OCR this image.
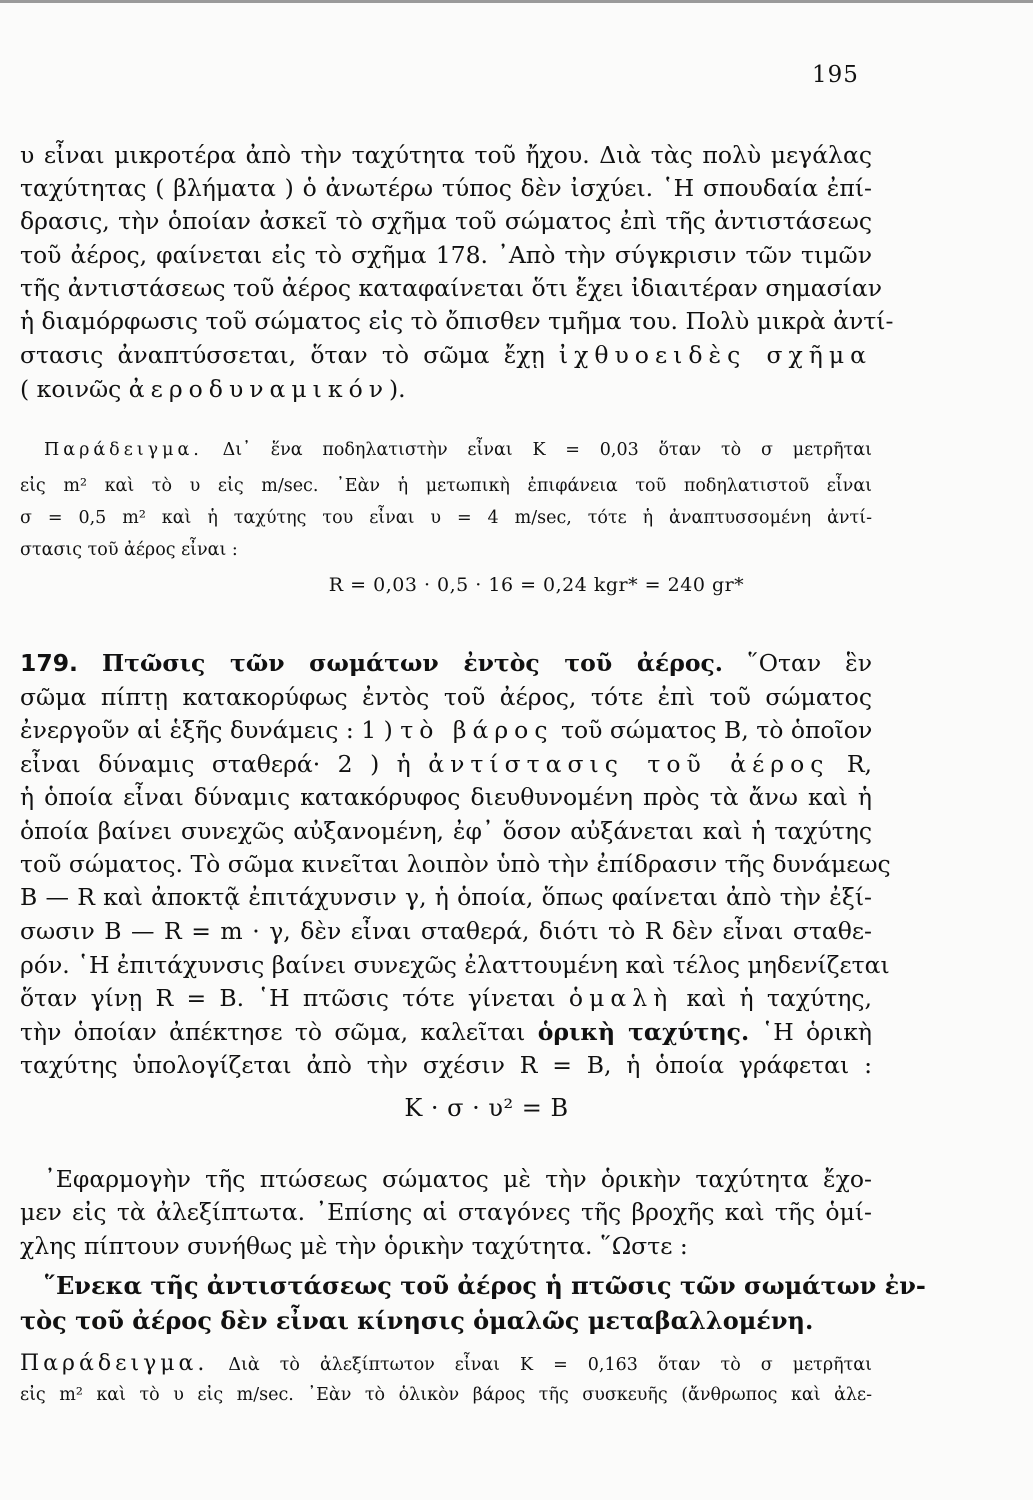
195
υ εἶναι μικροτέρα ἀπὸ τὴν ταχύτητα τοῦ ἤχου. Διὰ τὰς πολὺ μεγάλας
ταχύτητας ( βλήματα ) ὁ ἀνωτέρω τύπος δὲν ἰσχύει. ῾Η σπουδαία ἐπί-
δρασις, τὴν ὁποίαν ἀσκεῖ τὸ σχῆμα τοῦ σώματος ἐπὶ τῆς ἀντιστάσεως
τοῦ ἀέρος, φαίνεται εἰς τὸ σχῆμα 178. ᾿Απὸ τὴν σύγκρισιν τῶν τιμῶν
τῆς ἀντιστάσεως τοῦ ἀέρος καταφαίνεται ὅτι ἔχει ἰδιαιτέραν σημασίαν
ἡ διαμόρφωσις τοῦ σώματος εἰς τὸ ὄπισθεν τμῆμα του. Πολὺ μικρὰ ἀντί-
στασις ἀναπτύσσεται, ὅταν τὸ σῶμα ἔχῃ ἰχθυοειδὲς σχῆμα
( κοινῶς ἀεροδυναμικόν).
Παράδειγμα. Δι᾿ ἕνα ποδηλατιστὴν εἶναι K = 0,03 ὅταν τὸ σ μετρῆται
εἰς m² καὶ τὸ υ εἰς m/sec. ᾿Εὰν ἡ μετωπικὴ ἐπιφάνεια τοῦ ποδηλατιστοῦ εἶναι
σ = 0,5 m² καὶ ἡ ταχύτης του εἶναι υ = 4 m/sec, τότε ἡ ἀναπτυσσομένη ἀντί-
στασις τοῦ ἀέρος εἶναι :
R = 0,03 · 0,5 · 16 = 0,24 kgr* = 240 gr*
179. Πτῶσις τῶν σωμάτων ἐντὸς τοῦ ἀέρος. ῞Οταν ἓν
σῶμα πίπτῃ κατακορύφως ἐντὸς τοῦ ἀέρος, τότε ἐπὶ τοῦ σώματος
ἐνεργοῦν αἱ ἑξῆς δυνάμεις : 1 ) τὸ βάρος τοῦ σώματος B, τὸ ὁποῖον
εἶναι δύναμις σταθερά· 2 ) ἡ ἀντίστασις τοῦ ἀέρος R,
ἡ ὁποία εἶναι δύναμις κατακόρυφος διευθυνομένη πρὸς τὰ ἄνω καὶ ἡ
ὁποία βαίνει συνεχῶς αὐξανομένη, ἐφ᾿ ὅσον αὐξάνεται καὶ ἡ ταχύτης
τοῦ σώματος. Τὸ σῶμα κινεῖται λοιπὸν ὑπὸ τὴν ἐπίδρασιν τῆς δυνάμεως
B — R καὶ ἀποκτᾷ ἐπιτάχυνσιν γ, ἡ ὁποία, ὅπως φαίνεται ἀπὸ τὴν ἐξί-
σωσιν B — R = m · γ, δὲν εἶναι σταθερά, διότι τὸ R δὲν εἶναι σταθε-
ρόν. ῾Η ἐπιτάχυνσις βαίνει συνεχῶς ἐλαττουμένη καὶ τέλος μηδενίζεται
ὅταν γίνῃ R = B. ῾Η πτῶσις τότε γίνεται ὁμαλὴ καὶ ἡ ταχύτης,
τὴν ὁποίαν ἀπέκτησε τὸ σῶμα, καλεῖται ὁρικὴ ταχύτης. ῾Η ὁρικὴ
ταχύτης ὑπολογίζεται ἀπὸ τὴν σχέσιν R = B, ἡ ὁποία γράφεται :
K · σ · υ² = B
᾿Εφαρμογὴν τῆς πτώσεως σώματος μὲ τὴν ὁρικὴν ταχύτητα ἔχο-
μεν εἰς τὰ ἀλεξίπτωτα. ᾿Επίσης αἱ σταγόνες τῆς βροχῆς καὶ τῆς ὁμί-
χλης πίπτουν συνήθως μὲ τὴν ὁρικὴν ταχύτητα. ῞Ωστε :
῞Ενεκα τῆς ἀντιστάσεως τοῦ ἀέρος ἡ πτῶσις τῶν σωμάτων ἐν-
τὸς τοῦ ἀέρος δὲν εἶναι κίνησις ὁμαλῶς μεταβαλλομένη.
Παράδειγμα. Διὰ τὸ ἀλεξίπτωτον εἶναι K = 0,163 ὅταν τὸ σ μετρῆται
εἰς m² καὶ τὸ υ εἰς m/sec. ᾿Εὰν τὸ ὁλικὸν βάρος τῆς συσκευῆς (ἄνθρωπος καὶ ἀλε-
